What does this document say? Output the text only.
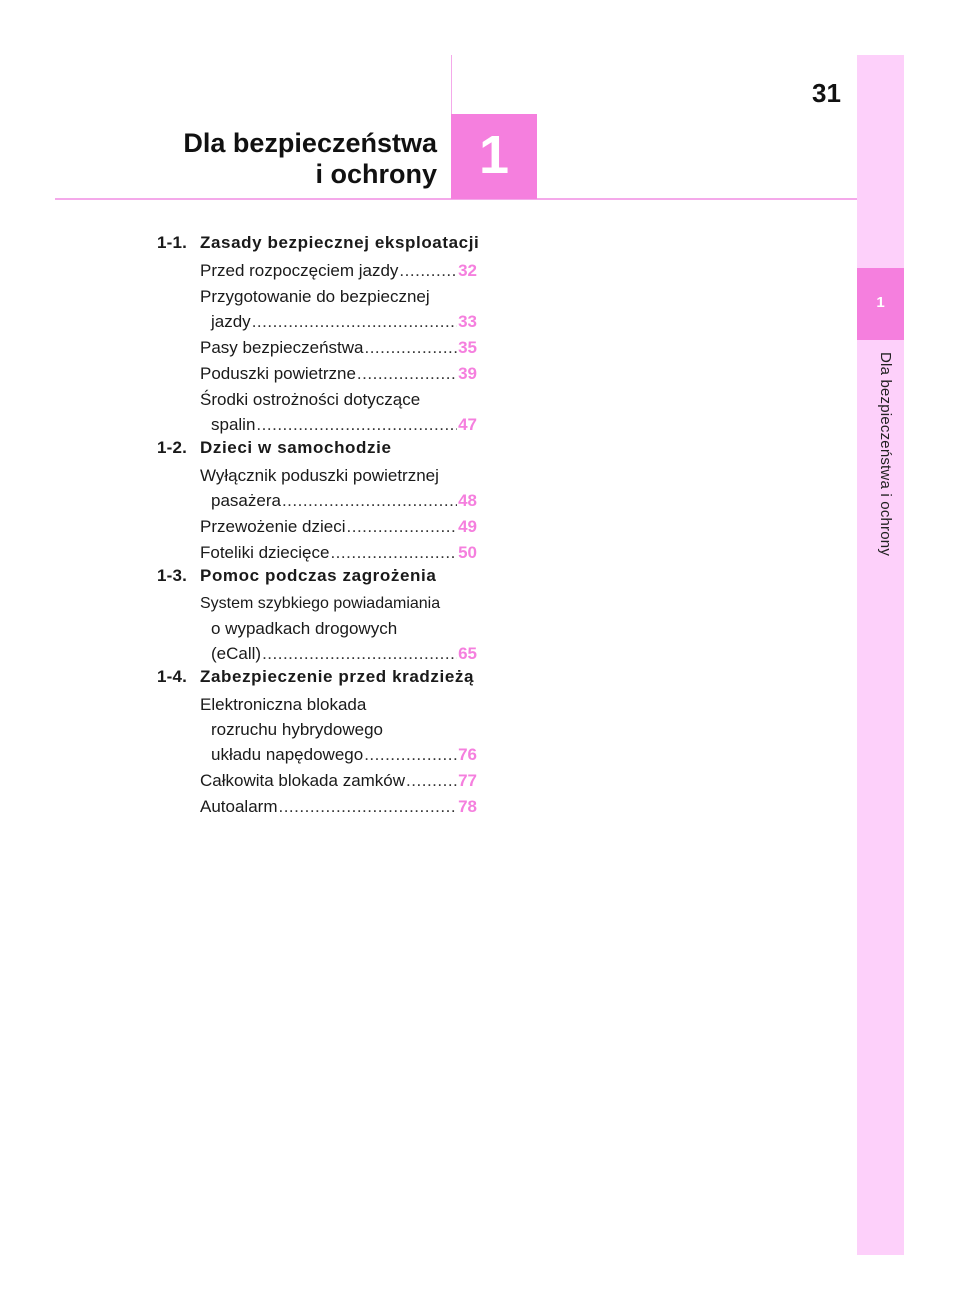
1
Dla bezpieczeństwa i ochrony
31
1
Dla bezpieczeństwa
i ochrony
1-1. Zasady bezpiecznej eksploatacji
Przed rozpoczęciem jazdy .....	32
Przygotowanie do bezpiecznej
jazdy .....	33
Pasy bezpieczeństwa .....	35
Poduszki powietrzne .....	39
Środki ostrożności dotyczące
spalin .....	47
1-2. Dzieci w samochodzie
Wyłącznik poduszki powietrznej
pasażera .....	48
Przewożenie dzieci .....	49
Foteliki dziecięce .....	50
1-3. Pomoc podczas zagrożenia
System szybkiego powiadamiania
o wypadkach drogowych
(eCall) .....	65
1-4. Zabezpieczenie przed kradzieżą
Elektroniczna blokada
rozruchu hybrydowego
układu napędowego .....	76
Całkowita blokada zamków .....	77
Autoalarm .....	78
